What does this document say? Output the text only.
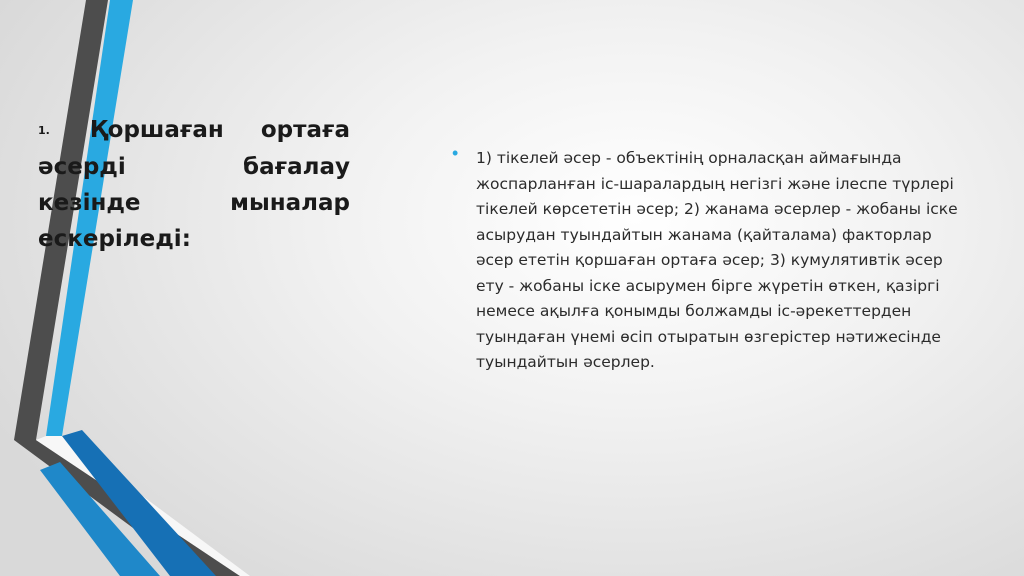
1. Қоршаған ортаға әсерді бағалау кезінде мыналар ескеріледі:
•	1) тікелей әсер - объектінің орналасқан аймағында жоспарланған іс-шаралардың негізгі және ілеспе түрлері тікелей көрсететін әсер; 2) жанама әсерлер - жобаны іске асырудан туындайтын жанама (қайталама) факторлар әсер ететін қоршаған ортаға әсер; 3) кумулятивтік әсер ету - жобаны іске асырумен бірге жүретін өткен, қазіргі немесе ақылға қонымды болжамды іс-әрекеттерден туындаған үнемі өсіп отыратын өзгерістер нәтижесінде туындайтын әсерлер.
